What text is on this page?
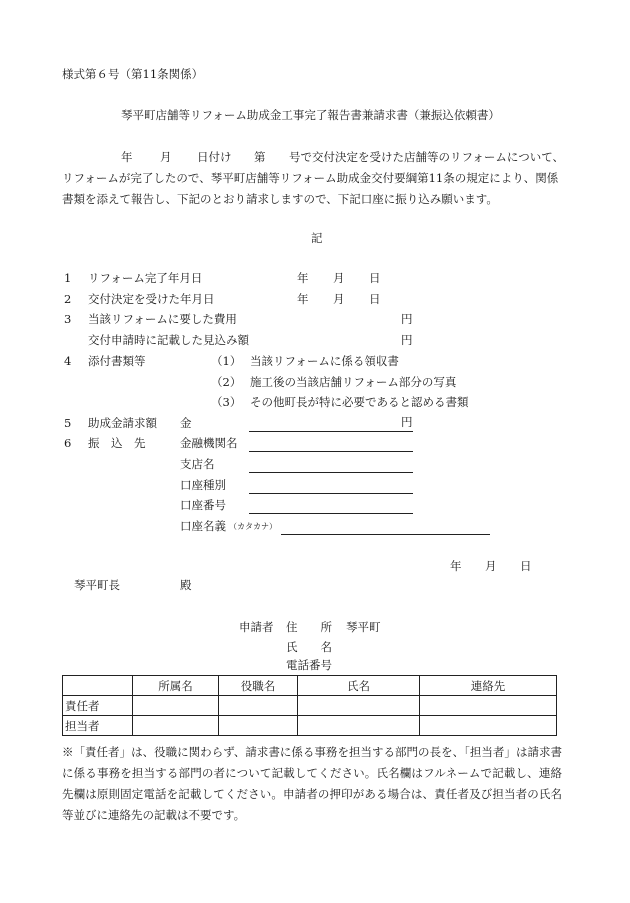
様式第６号（第11条関係）
琴平町店舗等リフォーム助成金工事完了報告書兼請求書（兼振込依頼書）
年 月 日付け 第 号で交付決定を受けた店舗等のリフォームについて、
リフォームが完了したので、琴平町店舗等リフォーム助成金交付要綱第11条の規定により、関係
書類を添えて報告し、下記のとおり請求しますので、下記口座に振り込み願います。
記
1 リフォーム完了年月日	年 月 日
2 交付決定を受けた年月日	年 月 日
3 当該リフォームに要した費用	円
交付申請時に記載した見込み額	円
4 添付書類等	（1） 当該リフォームに係る領収書
（2） 施工後の当該店舗リフォーム部分の写真
（3） その他町長が特に必要であると認める書類
5 助成金請求額 金	円
6 振　込　先	金融機関名
支店名
口座種別
口座番号
口座名義 （カタカナ）
年 月 日
琴平町長	殿
申請者 住　　所 琴平町
氏　　名
電話番号
	所属名	役職名	氏名	連絡先
責任者				
担当者				
※「責任者」は、役職に関わらず、請求書に係る事務を担当する部門の長を、「担当者」は請求書に係る事務を担当する部門の者について記載してください。氏名欄はフルネームで記載し、連絡先欄は原則固定電話を記載してください。申請者の押印がある場合は、責任者及び担当者の氏名等並びに連絡先の記載は不要です。
